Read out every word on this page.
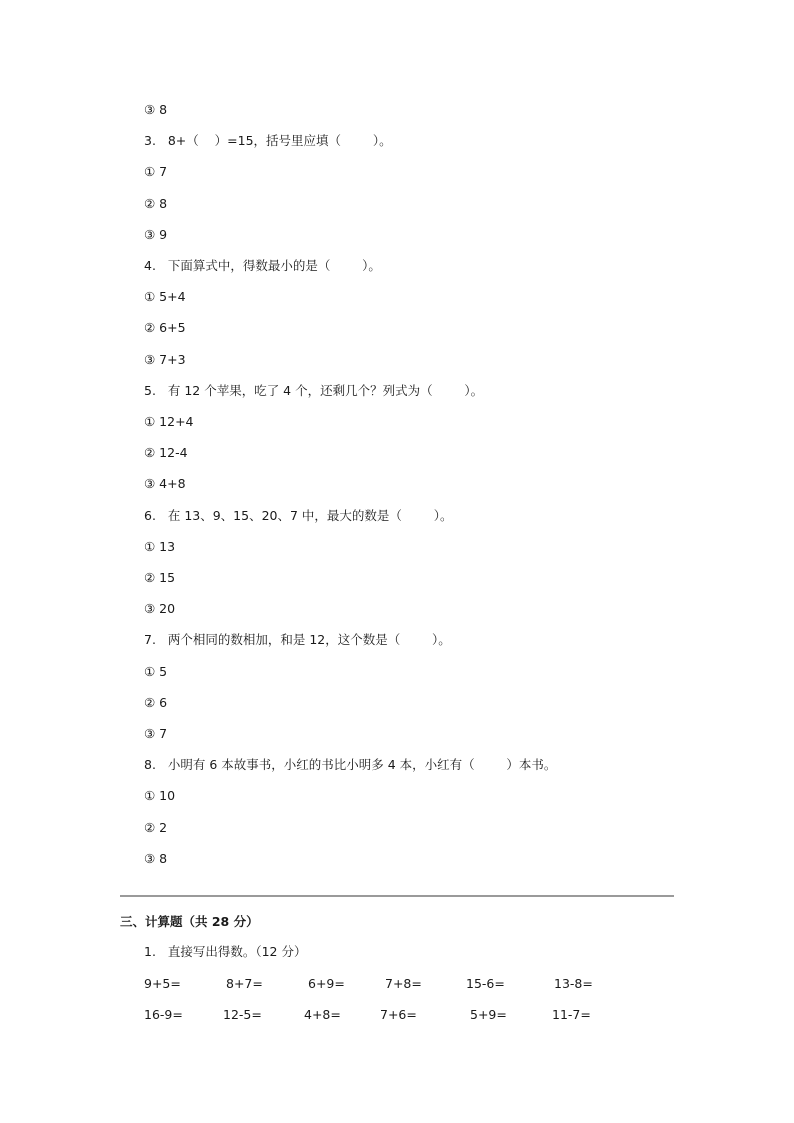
③ 8
3.   8+（    ）=15，括号里应填（        ）。
① 7
② 8
③ 9
4.   下面算式中，得数最小的是（        ）。
① 5+4
② 6+5
③ 7+3
5.   有 12 个苹果，吃了 4 个，还剩几个？列式为（        ）。
① 12+4
② 12-4
③ 4+8
6.   在 13、9、15、20、7 中，最大的数是（        ）。
① 13
② 15
③ 20
7.   两个相同的数相加，和是 12，这个数是（        ）。
① 5
② 6
③ 7
8.   小明有 6 本故事书，小红的书比小明多 4 本，小红有（        ）本书。
① 10
② 2
③ 8
三、计算题（共 28 分）
1.   直接写出得数。（12 分）
9+5=	8+7=	6+9=	7+8=	15-6=	13-8=
16-9=	12-5=	4+8=	7+6=	5+9=	11-7=
